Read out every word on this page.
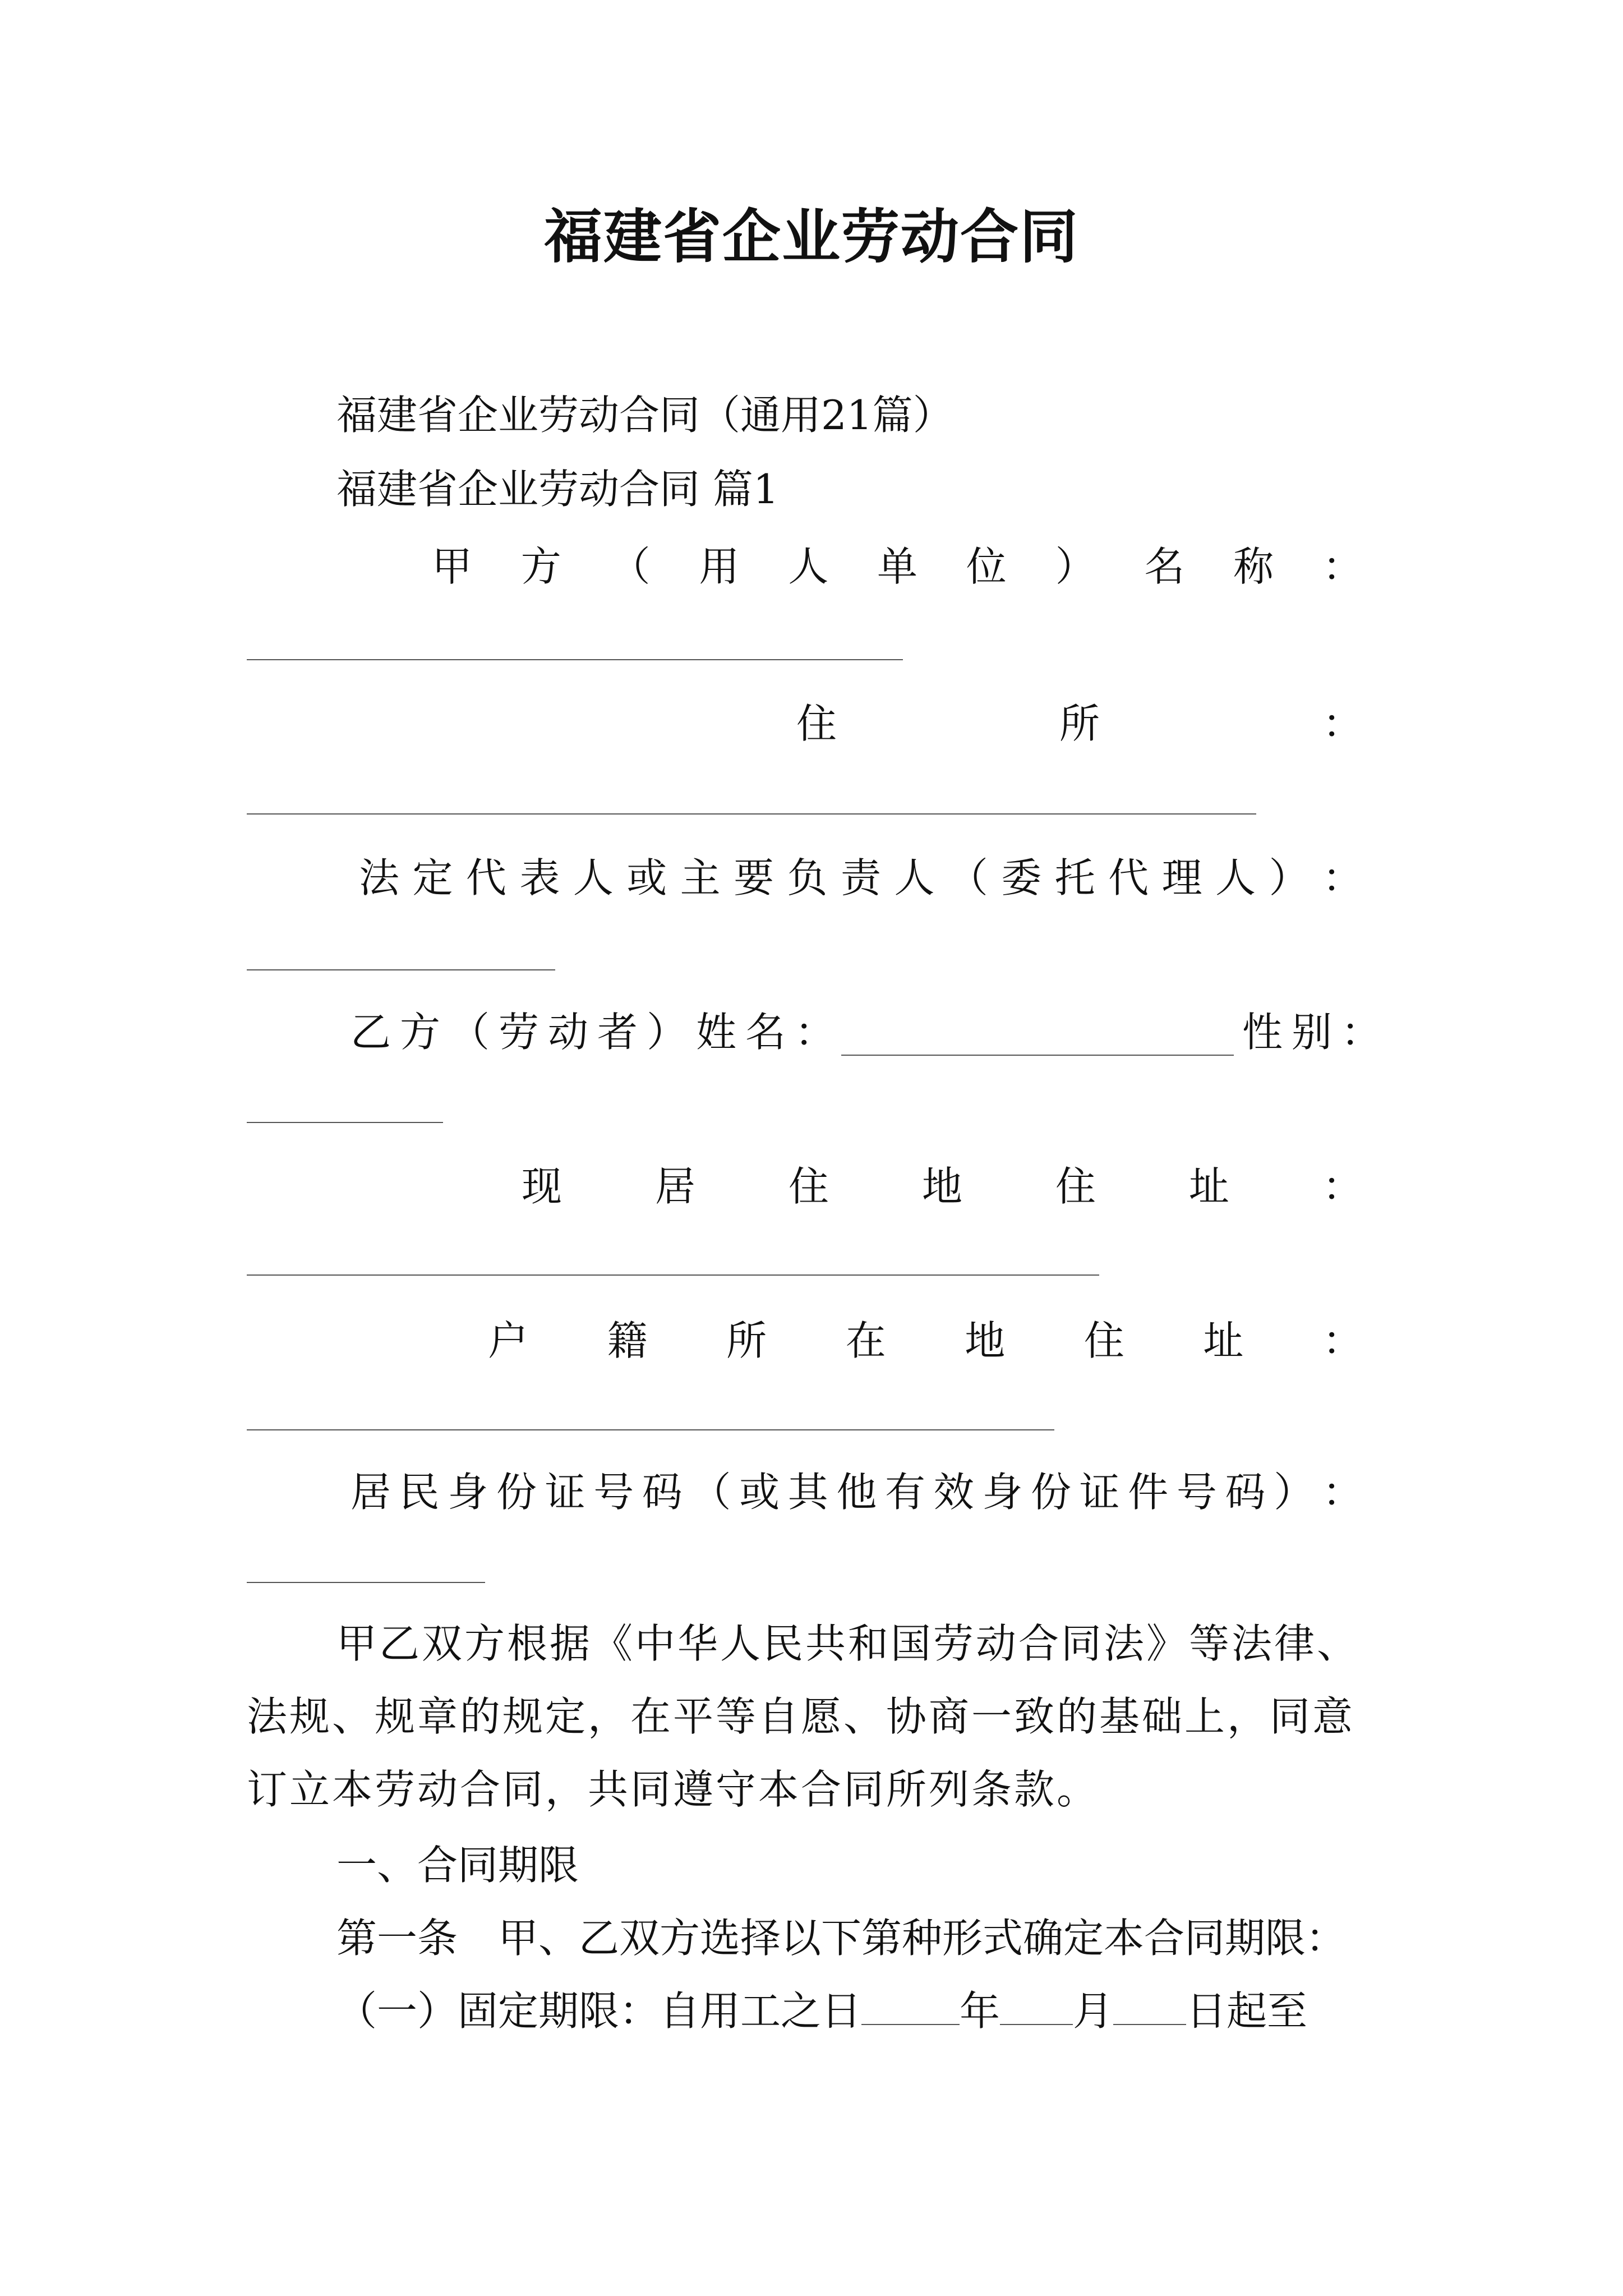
福建省企业劳动合同
福建省企业劳动合同（通用21篇）
福建省企业劳动合同 篇1
甲 方 （ 用 人 单 位 ） 名 称 ：
住	所	：
法 定 代 表 人 或 主 要 负 责 人 （ 委 托 代 理 人 ） ：
乙方（劳动者）姓名：	性别：
现 居 住 地 住 址 ：
户 籍 所 在 地 住 址 ：
居 民 身 份 证 号 码 （ 或 其 他 有 效 身 份 证 件 号 码 ） ：
甲乙双方根据《中华人民共和国劳动合同法》等法律、
法规、规章的规定，在平等自愿、协商一致的基础上，同意
订立本劳动合同，共同遵守本合同所列条款。
一、合同期限
第一条　甲、乙双方选择以下第种形式确定本合同期限：
（一）固定期限：自用工之日 年 月 日起至
